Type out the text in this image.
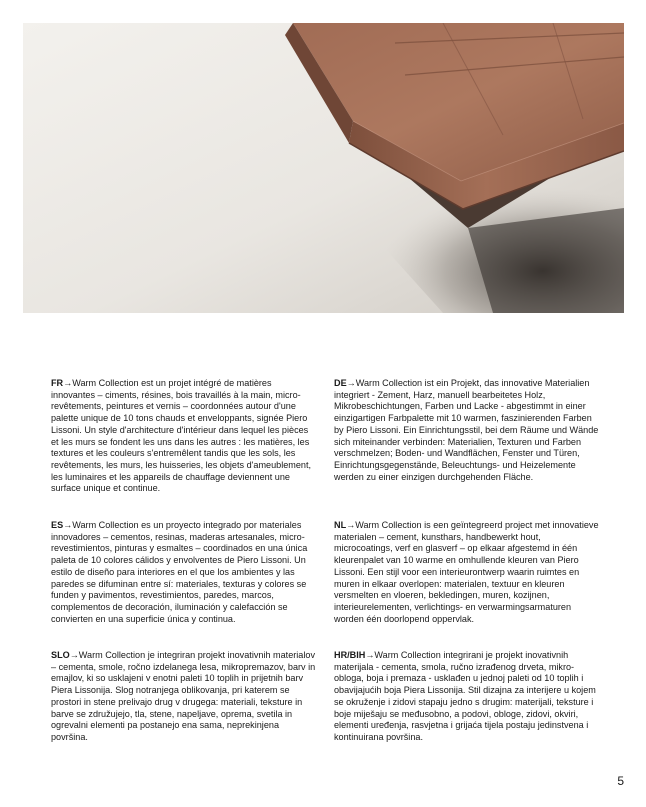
FR→Warm Collection est un projet intégré de matières innovantes – ciments, résines, bois travaillés à la main, micro-revêtements, peintures et vernis – coordonnées autour d'une palette unique de 10 tons chauds et enveloppants, signée Piero Lissoni. Un style d'architecture d'intérieur dans lequel les pièces et les murs se fondent les uns dans les autres : les matières, les textures et les couleurs s'entremêlent tandis que les sols, les revêtements, les murs, les huisseries, les objets d'ameublement, les luminaires et les appareils de chauffage deviennent une surface unique et continue.

ES→Warm Collection es un proyecto integrado por materiales innovadores – cementos, resinas, maderas artesanales, micro-revestimientos, pinturas y esmaltes – coordinados en una única paleta de 10 colores cálidos y envolventes de Piero Lissoni. Un estilo de diseño para interiores en el que los ambientes y las paredes se difuminan entre sí: materiales, texturas y colores se funden y pavimentos, revestimientos, paredes, marcos, complementos de decoración, iluminación y calefacción se convierten en una superficie única y continua.

SLO→Warm Collection je integriran projekt inovativnih materialov – cementa, smole, ročno izdelanega lesa, mikropremazov, barv in emajlov, ki so usklajeni v enotni paleti 10 toplih in prijetnih barv Piera Lissonija. Slog notranjega oblikovanja, pri katerem se prostori in stene prelivajo drug v drugega: materiali, teksture in barve se združujejo, tla, stene, napeljave, oprema, svetila in ogrevalni elementi pa postanejo ena sama, neprekinjena površina.

DE→Warm Collection ist ein Projekt, das innovative Materialien integriert - Zement, Harz, manuell bearbeitetes Holz, Mikrobeschichtungen, Farben und Lacke - abgestimmt in einer einzigartigen Farbpalette mit 10 warmen, faszinierenden Farben by Piero Lissoni. Ein Einrichtungsstil, bei dem Räume und Wände sich miteinander verbinden: Materialien, Texturen und Farben verschmelzen; Boden- und Wandflächen, Fenster und Türen, Einrichtungsgegenstände, Beleuchtungs- und Heizelemente werden zu einer einzigen durchgehenden Fläche.

NL→Warm Collection is een geïntegreerd project met innovatieve materialen – cement, kunsthars, handbewerkt hout, microcoatings, verf en glasverf – op elkaar afgestemd in één kleurenpalet van 10 warme en omhullende kleuren van Piero Lissoni. Een stijl voor een interieurontwerp waarin ruimtes en muren in elkaar overlopen: materialen, textuur en kleuren versmelten en vloeren, bekledingen, muren, kozijnen, interieurelementen, verlichtings- en verwarmingsarmaturen worden één doorlopend oppervlak.

HR/BIH→Warm Collection integrirani je projekt inovativnih materijala - cementa, smola, ručno izrađenog drveta, mikro-obloga, boja i premaza - usklađen u jednoj paleti od 10 toplih i obavijajućih boja Piera Lissonija. Stil dizajna za interijere u kojem se okruženje i zidovi stapaju jedno s drugim: materijali, teksture i boje miješaju se međusobno, a podovi, obloge, zidovi, okviri, elementi uređenja, rasvjetna i grijaća tijela postaju jedinstvena i kontinuirana površina.

5
